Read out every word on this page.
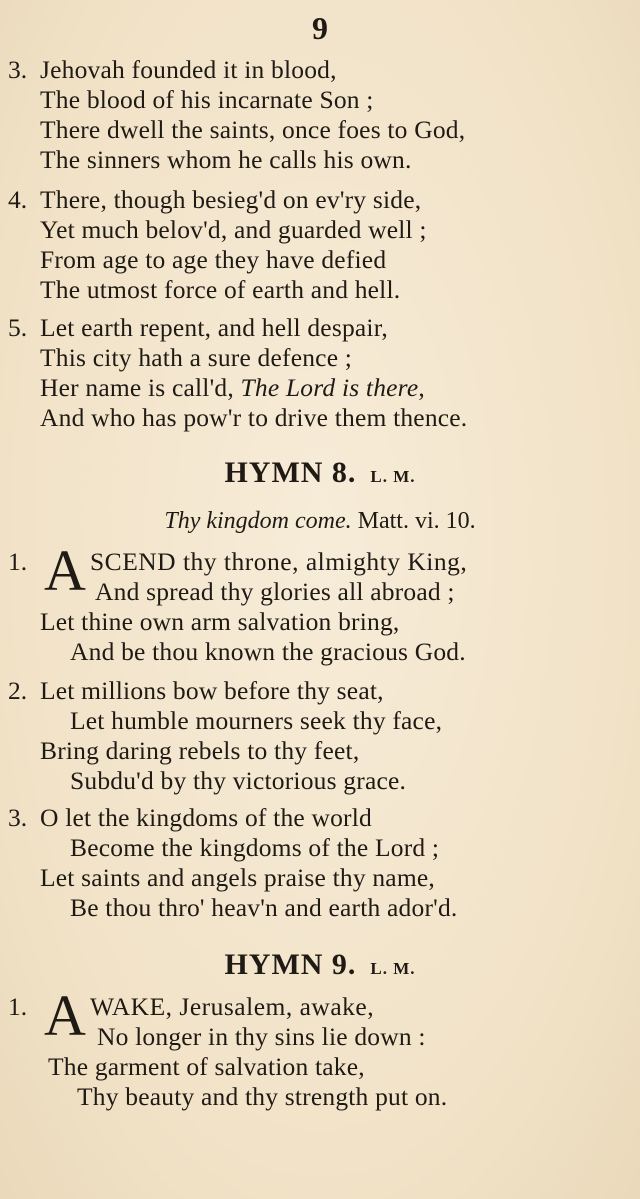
9
3. Jehovah founded it in blood,
The blood of his incarnate Son ;
There dwell the saints, once foes to God,
The sinners whom he calls his own.
4. There, though besieg'd on ev'ry side,
Yet much belov'd, and guarded well ;
From age to age they have defied
The utmost force of earth and hell.
5. Let earth repent, and hell despair,
This city hath a sure defence ;
Her name is call'd, The Lord is there,
And who has pow'r to drive them thence.
HYMN 8. L. M.
Thy kingdom come. Matt. vi. 10.
1. A SCEND thy throne, almighty King,
And spread thy glories all abroad ;
Let thine own arm salvation bring,
And be thou known the gracious God.
2. Let millions bow before thy seat,
Let humble mourners seek thy face,
Bring daring rebels to thy feet,
Subdu'd by thy victorious grace.
3. O let the kingdoms of the world
Become the kingdoms of the Lord ;
Let saints and angels praise thy name,
Be thou thro' heav'n and earth ador'd.
HYMN 9. L. M.
1. A WAKE, Jerusalem, awake,
No longer in thy sins lie down :
The garment of salvation take,
Thy beauty and thy strength put on.
